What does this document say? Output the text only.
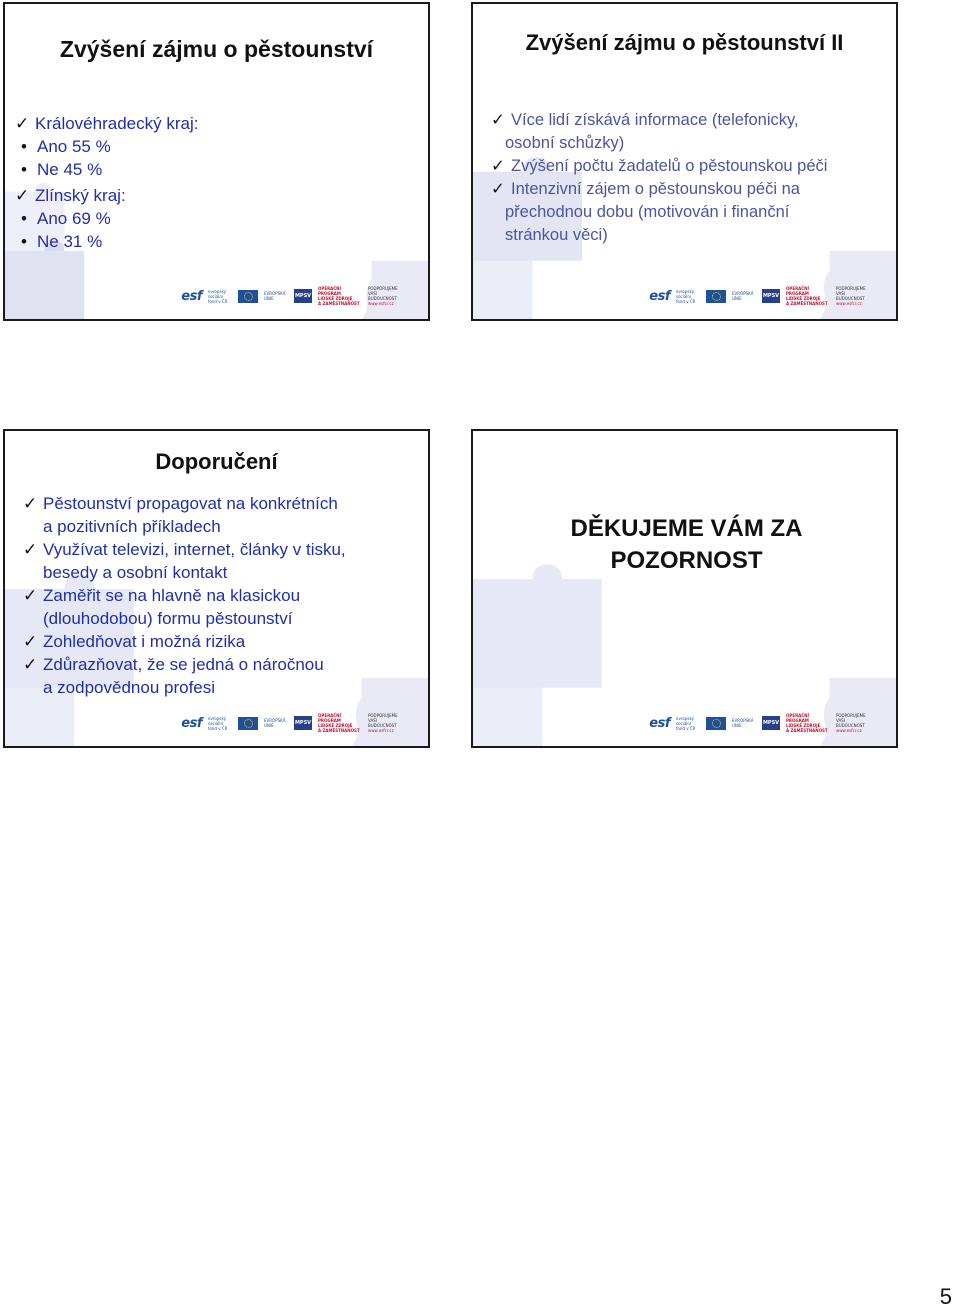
Zvýšení zájmu o pěstounství
✓ Královéhradecký kraj:
• Ano 55 %
• Ne 45 %
✓ Zlínský kraj:
• Ano 69 %
• Ne 31 %
esf evropský sociální fond v ČR
EVROPSKÁ UNIE	MPSV
OPERAČNÍ PROGRAM
LIDSKÉ ZDROJE
A ZAMĚSTNANOST
PODPORUJEME
VAŠI BUDOUCNOST
www.esfcr.cz
Zvýšení zájmu o pěstounství II
✓ Více lidí získává informace (telefonicky,
osobní schůzky)
✓ Zvýšení počtu žadatelů o pěstounskou péči
✓ Intenzivní zájem o pěstounskou péči na
přechodnou dobu (motivován i finanční
stránkou věci)
esf evropský sociální fond v ČR
EVROPSKÁ UNIE	MPSV
OPERAČNÍ PROGRAM
LIDSKÉ ZDROJE
A ZAMĚSTNANOST
PODPORUJEME
VAŠI BUDOUCNOST
www.esfcr.cz
Doporučení
✓ Pěstounství propagovat na konkrétních
a pozitivních příkladech
✓ Využívat televizi, internet, články v tisku,
besedy a osobní kontakt
✓ Zaměřit se na hlavně na klasickou
(dlouhodobou) formu pěstounství
✓ Zohledňovat i možná rizika
✓ Zdůrazňovat, že se jedná o náročnou
a zodpovědnou profesi
esf evropský sociální fond v ČR
EVROPSKÁ UNIE	MPSV
OPERAČNÍ PROGRAM
LIDSKÉ ZDROJE
A ZAMĚSTNANOST
PODPORUJEME
VAŠI BUDOUCNOST
www.esfcr.cz
DĚKUJEME VÁM ZA
POZORNOST
esf evropský sociální fond v ČR
EVROPSKÁ UNIE	MPSV
OPERAČNÍ PROGRAM
LIDSKÉ ZDROJE
A ZAMĚSTNANOST
PODPORUJEME
VAŠI BUDOUCNOST
www.esfcr.cz
5
